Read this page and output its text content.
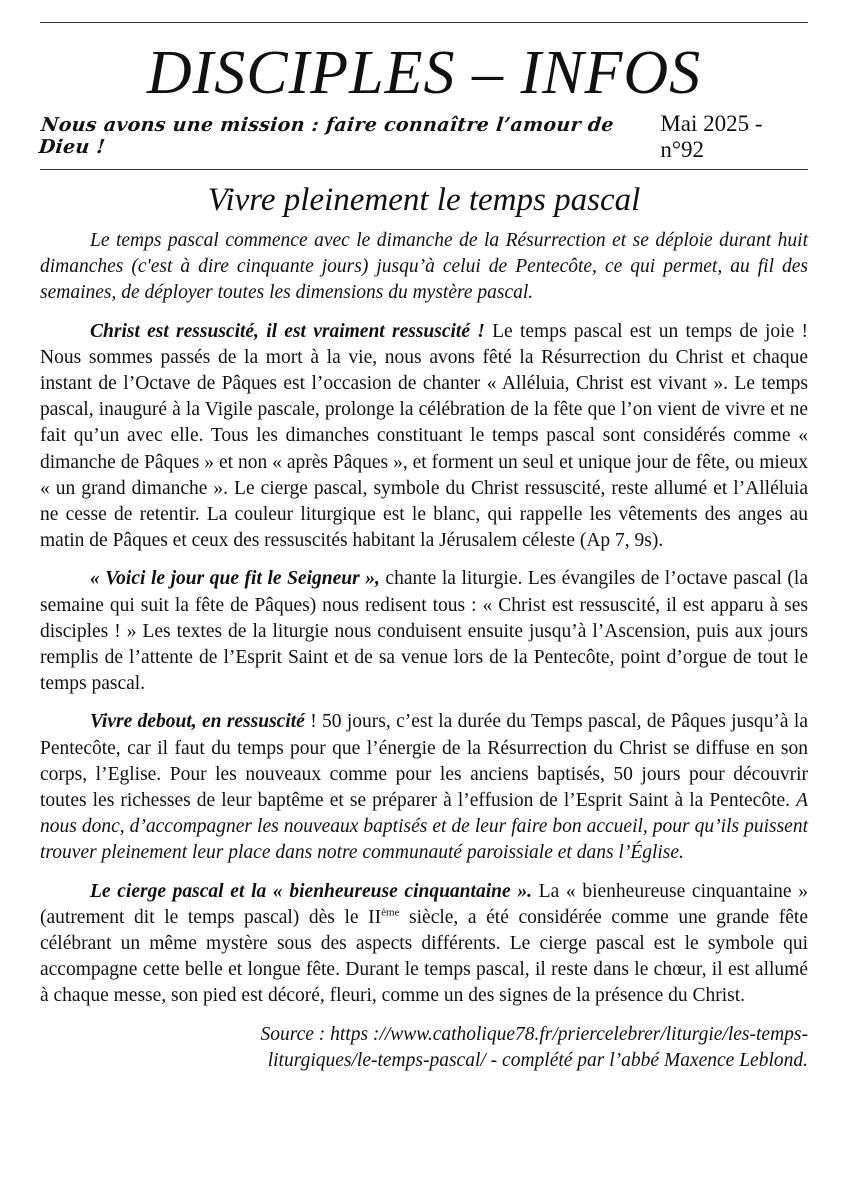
DISCIPLES – INFOS
Nous avons une mission : faire connaître l’amour de Dieu !
Mai 2025 - n°92
Vivre pleinement le temps pascal

Le temps pascal commence avec le dimanche de la Résurrection et se déploie durant huit dimanches (c'est à dire cinquante jours) jusqu’à celui de Pentecôte, ce qui permet, au fil des semaines, de déployer toutes les dimensions du mystère pascal.

Christ est ressuscité, il est vraiment ressuscité ! Le temps pascal est un temps de joie ! Nous sommes passés de la mort à la vie, nous avons fêté la Résurrection du Christ et chaque instant de l’Octave de Pâques est l’occasion de chanter « Alléluia, Christ est vivant ». Le temps pascal, inauguré à la Vigile pascale, prolonge la célébration de la fête que l’on vient de vivre et ne fait qu’un avec elle. Tous les dimanches constituant le temps pascal sont considérés comme « dimanche de Pâques » et non « après Pâques », et forment un seul et unique jour de fête, ou mieux « un grand dimanche ». Le cierge pascal, symbole du Christ ressuscité, reste allumé et l’Alléluia ne cesse de retentir. La couleur liturgique est le blanc, qui rappelle les vêtements des anges au matin de Pâques et ceux des ressuscités habitant la Jérusalem céleste (Ap 7, 9s).

« Voici le jour que fit le Seigneur », chante la liturgie. Les évangiles de l’octave pascal (la semaine qui suit la fête de Pâques) nous redisent tous : « Christ est ressuscité, il est apparu à ses disciples ! » Les textes de la liturgie nous conduisent ensuite jusqu’à l’Ascension, puis aux jours remplis de l’attente de l’Esprit Saint et de sa venue lors de la Pentecôte, point d’orgue de tout le temps pascal.

Vivre debout, en ressuscité ! 50 jours, c’est la durée du Temps pascal, de Pâques jusqu’à la Pentecôte, car il faut du temps pour que l’énergie de la Résurrection du Christ se diffuse en son corps, l’Eglise. Pour les nouveaux comme pour les anciens baptisés, 50 jours pour découvrir toutes les richesses de leur baptême et se préparer à l’effusion de l’Esprit Saint à la Pentecôte. A nous donc, d’accompagner les nouveaux baptisés et de leur faire bon accueil, pour qu’ils puissent trouver pleinement leur place dans notre communauté paroissiale et dans l’Église.

Le cierge pascal et la « bienheureuse cinquantaine ». La « bienheureuse cinquantaine » (autrement dit le temps pascal) dès le IIème siècle, a été considérée comme une grande fête célébrant un même mystère sous des aspects différents. Le cierge pascal est le symbole qui accompagne cette belle et longue fête. Durant le temps pascal, il reste dans le chœur, il est allumé à chaque messe, son pied est décoré, fleuri, comme un des signes de la présence du Christ.

Source : https ://www.catholique78.fr/priercelebrer/liturgie/les-temps-
liturgiques/le-temps-pascal/ - complété par l’abbé Maxence Leblond.
